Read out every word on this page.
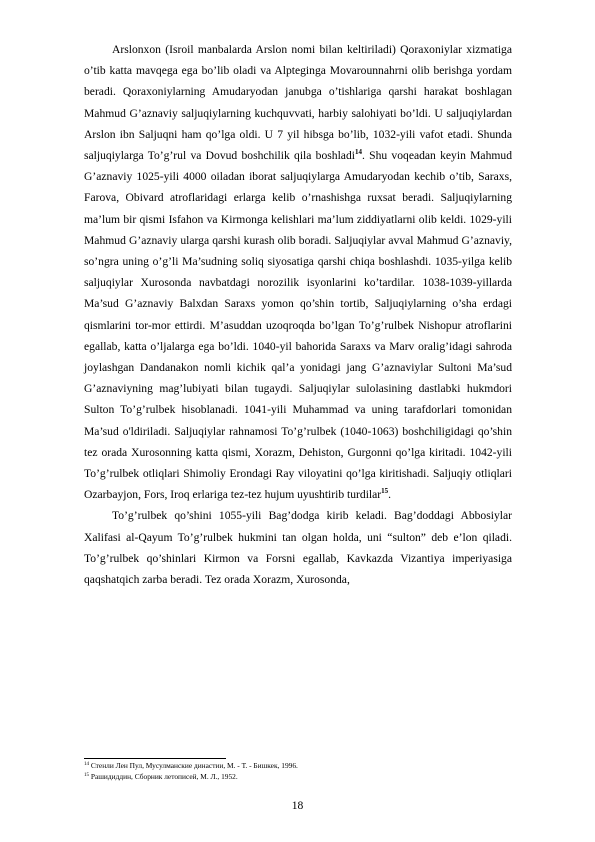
Arslonxon (Isroil manbalarda Arslon nomi bilan keltiriladi) Qoraxoniylar xizmatiga o’tib katta mavqega ega bo’lib oladi va Alpteginga Movarounnahrni olib berishga yordam beradi. Qoraxoniylarning Amudaryodan janubga o’tishlariga qarshi harakat boshlagan Mahmud G’aznaviy saljuqiylarning kuchquvvati, harbiy salohiyati bo’ldi. U saljuqiylardan Arslon ibn Saljuqni ham qo’lga oldi. U 7 yil hibsga bo’lib, 1032-yili vafot etadi. Shunda saljuqiylarga To’g’rul va Dovud boshchilik qila boshladi$^{14}$. Shu voqeadan keyin Mahmud G’aznaviy 1025-yili 4000 oiladan iborat saljuqiylarga Amudaryodan kechib o’tib, Saraxs, Farova, Obivard atroflaridagi erlarga kelib o’rnashishga ruxsat beradi. Saljuqiylarning ma’lum bir qismi Isfahon va Kirmonga kelishlari ma’lum ziddiyatlarni olib keldi. 1029-yili Mahmud G’aznaviy ularga qarshi kurash olib boradi. Saljuqiylar avval Mahmud G’aznaviy, so’ngra uning o’g’li Ma’sudning soliq siyosatiga qarshi chiqa boshlashdi. 1035-yilga kelib saljuqiylar Xurosonda navbatdagi norozilik isyonlarini ko’tardilar. 1038-1039-yillarda Ma’sud G’aznaviy Balxdan Saraxs yomon qo’shin tortib, Saljuqiylarning o’sha erdagi qismlarini tor-mor ettirdi. M’asuddan uzoqroqda bo’lgan To’g’rulbek Nishopur atroflarini egallab, katta o’ljalarga ega bo’ldi. 1040-yil bahorida Saraxs va Marv oralig’idagi sahroda joylashgan Dandanakon nomli kichik qal’a yonidagi jang G’aznaviylar Sultoni Ma’sud G’aznaviyning mag’lubiyati bilan tugaydi. Saljuqiylar sulolasining dastlabki hukmdori Sulton To’g’rulbek hisoblanadi. 1041-yili Muhammad va uning tarafdorlari tomonidan Ma’sud o'ldiriladi. Saljuqiylar rahnamosi To’g’rulbek (1040-1063) boshchiligidagi qo’shin tez orada Xurosonning katta qismi, Xorazm, Dehiston, Gurgonni qo’lga kiritadi. 1042-yili To’g’rulbek otliqlari Shimoliy Erondagi Ray viloyatini qo’lga kiritishadi. Saljuqiy otliqlari Ozarbayjon, Fors, Iroq erlariga tez-tez hujum uyushtirib turdilar$^{15}$.

To’g’rulbek qo’shini 1055-yili Bag’dodga kirib keladi. Bag’doddagi Abbosiylar Xalifasi al-Qayum To’g’rulbek hukmini tan olgan holda, uni “sulton” deb e’lon qiladi. To’g’rulbek qo’shinlari Kirmon va Forsni egallab, Kavkazda Vizantiya imperiyasiga qaqshatqich zarba beradi. Tez orada Xorazm, Xurosonda,

$^{14}$ Стенли Лен Пул, Мусулмaнские династии, М. - Т. - Бишкек, 1996.
$^{15}$ Рашидиддин, Сборник летописей, М. Л., 1952.
18
